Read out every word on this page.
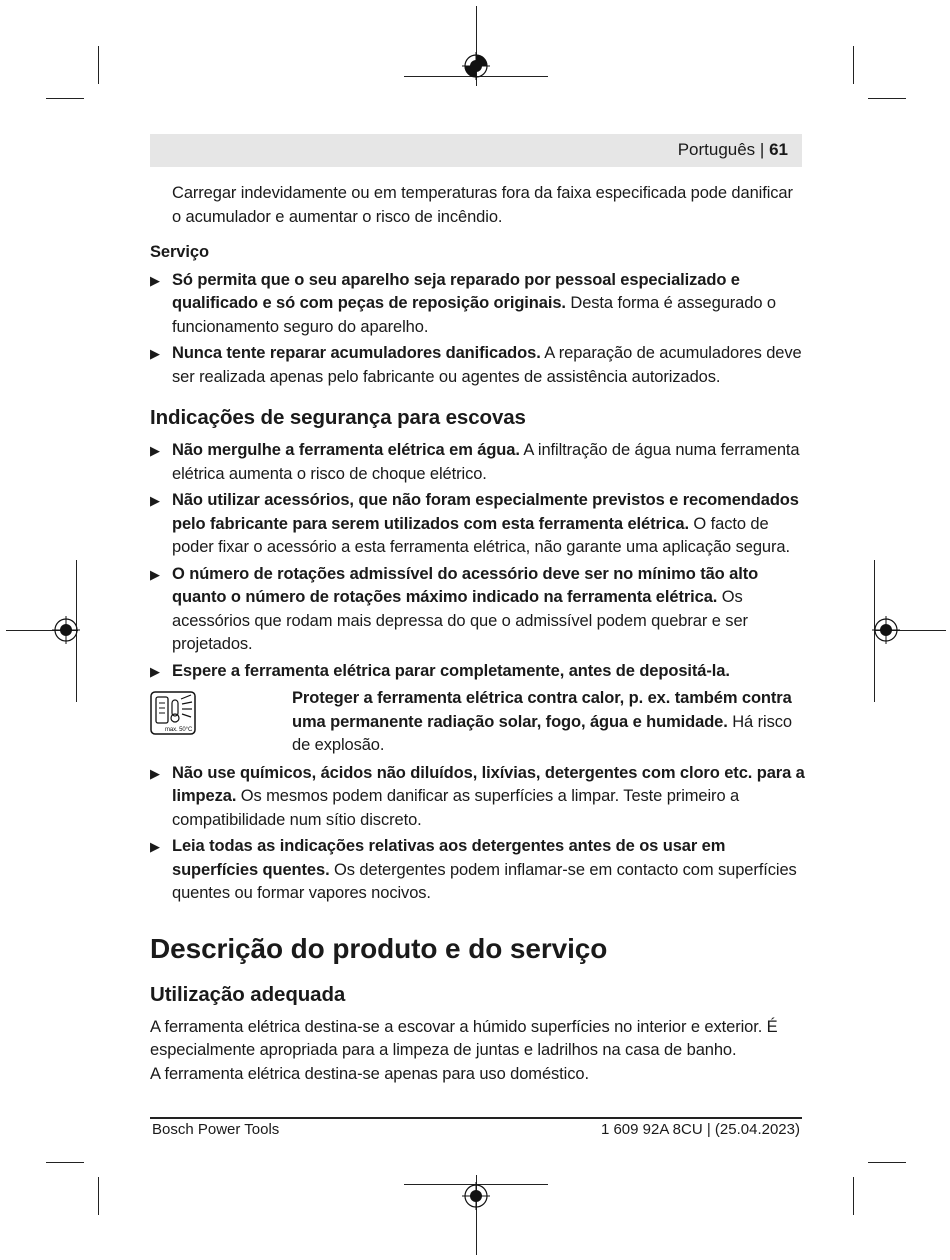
Português | 61

Carregar indevidamente ou em temperaturas fora da faixa especificada pode danificar o acumulador e aumentar o risco de incêndio.

Serviço
▶ Só permita que o seu aparelho seja reparado por pessoal especializado e qualificado e só com peças de reposição originais. Desta forma é assegurado o funcionamento seguro do aparelho.
▶ Nunca tente reparar acumuladores danificados. A reparação de acumuladores deve ser realizada apenas pelo fabricante ou agentes de assistência autorizados.
Indicações de segurança para escovas
▶ Não mergulhe a ferramenta elétrica em água. A infiltração de água numa ferramenta elétrica aumenta o risco de choque elétrico.
▶ Não utilizar acessórios, que não foram especialmente previstos e recomendados pelo fabricante para serem utilizados com esta ferramenta elétrica. O facto de poder fixar o acessório a esta ferramenta elétrica, não garante uma aplicação segura.
▶ O número de rotações admissível do acessório deve ser no mínimo tão alto quanto o número de rotações máximo indicado na ferramenta elétrica. Os acessórios que rodam mais depressa do que o admissível podem quebrar e ser projetados.
▶ Espere a ferramenta elétrica parar completamente, antes de depositá-la.
max. 50°C
Proteger a ferramenta elétrica contra calor, p. ex. também contra uma permanente radiação solar, fogo, água e humidade. Há risco de explosão.
▶ Não use químicos, ácidos não diluídos, lixívias, detergentes com cloro etc. para a limpeza. Os mesmos podem danificar as superfícies a limpar. Teste primeiro a compatibilidade num sítio discreto.
▶ Leia todas as indicações relativas aos detergentes antes de os usar em superfícies quentes. Os detergentes podem inflamar-se em contacto com superfícies quentes ou formar vapores nocivos.
Descrição do produto e do serviço
Utilização adequada

A ferramenta elétrica destina-se a escovar a húmido superfícies no interior e exterior. É especialmente apropriada para a limpeza de juntas e ladrilhos na casa de banho.

A ferramenta elétrica destina-se apenas para uso doméstico.

Bosch Power Tools	1 609 92A 8CU | (25.04.2023)
